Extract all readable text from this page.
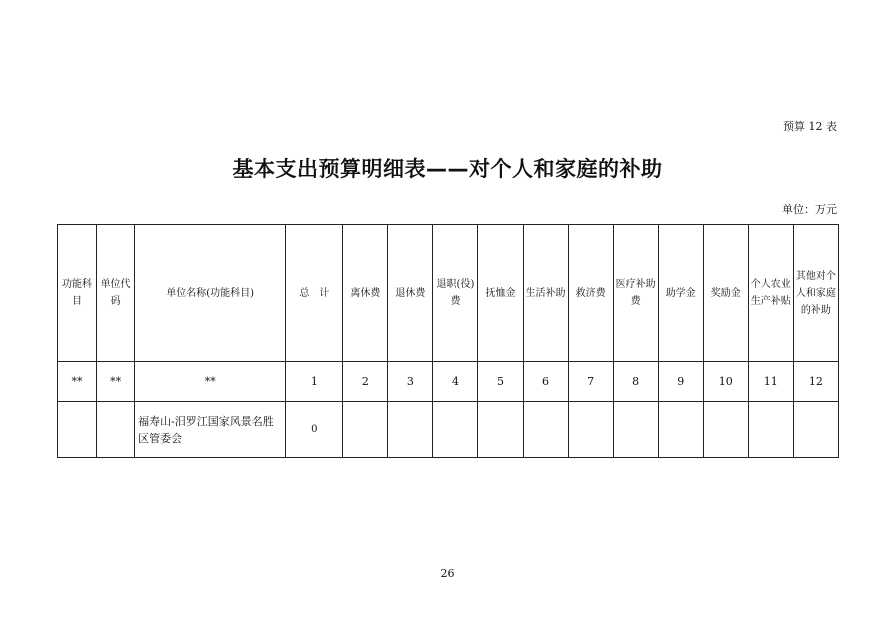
预算 12 表
基本支出预算明细表——对个人和家庭的补助
单位：万元
功能科目	单位代码	单位名称(功能科目)	总　计	离休费	退休费	退职(役)费	抚恤金	生活补助	救济费	医疗补助费	助学金	奖励金	个人农业生产补贴	其他对个人和家庭的补助
**	**	**	1	2	3	4	5	6	7	8	9	10	11	12
		福寿山-汨罗江国家风景名胜区管委会	0											
26
